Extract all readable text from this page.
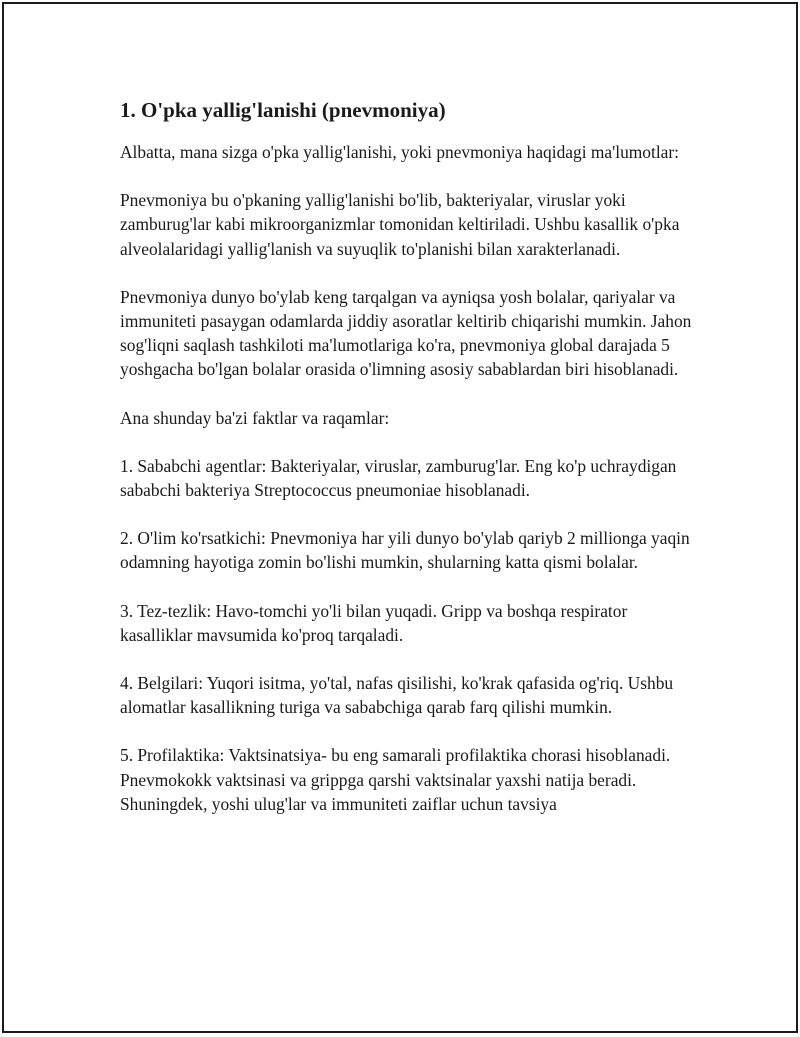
1. O'pka yallig'lanishi (pnevmoniya)

Albatta, mana sizga o'pka yallig'lanishi, yoki pnevmoniya haqidagi ma'lumotlar:

Pnevmoniya bu o'pkaning yallig'lanishi bo'lib, bakteriyalar, viruslar yoki zamburug'lar kabi mikroorganizmlar tomonidan keltiriladi. Ushbu kasallik o'pka alveolalaridagi yallig'lanish va suyuqlik to'planishi bilan xarakterlanadi.

Pnevmoniya dunyo bo'ylab keng tarqalgan va ayniqsa yosh bolalar, qariyalar va immuniteti pasaygan odamlarda jiddiy asoratlar keltirib chiqarishi mumkin. Jahon sog'liqni saqlash tashkiloti ma'lumotlariga ko'ra, pnevmoniya global darajada 5 yoshgacha bo'lgan bolalar orasida o'limning asosiy sabablardan biri hisoblanadi.

Ana shunday ba'zi faktlar va raqamlar:

1. Sababchi agentlar: Bakteriyalar, viruslar, zamburug'lar. Eng ko'p uchraydigan sababchi bakteriya Streptococcus pneumoniae hisoblanadi.

2. O'lim ko'rsatkichi: Pnevmoniya har yili dunyo bo'ylab qariyb 2 millionga yaqin odamning hayotiga zomin bo'lishi mumkin, shularning katta qismi bolalar.

3. Tez-tezlik: Havo-tomchi yo'li bilan yuqadi. Gripp va boshqa respirator kasalliklar mavsumida ko'proq tarqaladi.

4. Belgilari: Yuqori isitma, yo'tal, nafas qisilishi, ko'krak qafasida og'riq. Ushbu alomatlar kasallikning turiga va sababchiga qarab farq qilishi mumkin.

5. Profilaktika: Vaktsinatsiya- bu eng samarali profilaktika chorasi hisoblanadi. Pnevmokokk vaktsinasi va grippga qarshi vaktsinalar yaxshi natija beradi. Shuningdek, yoshi ulug'lar va immuniteti zaiflar uchun tavsiya
